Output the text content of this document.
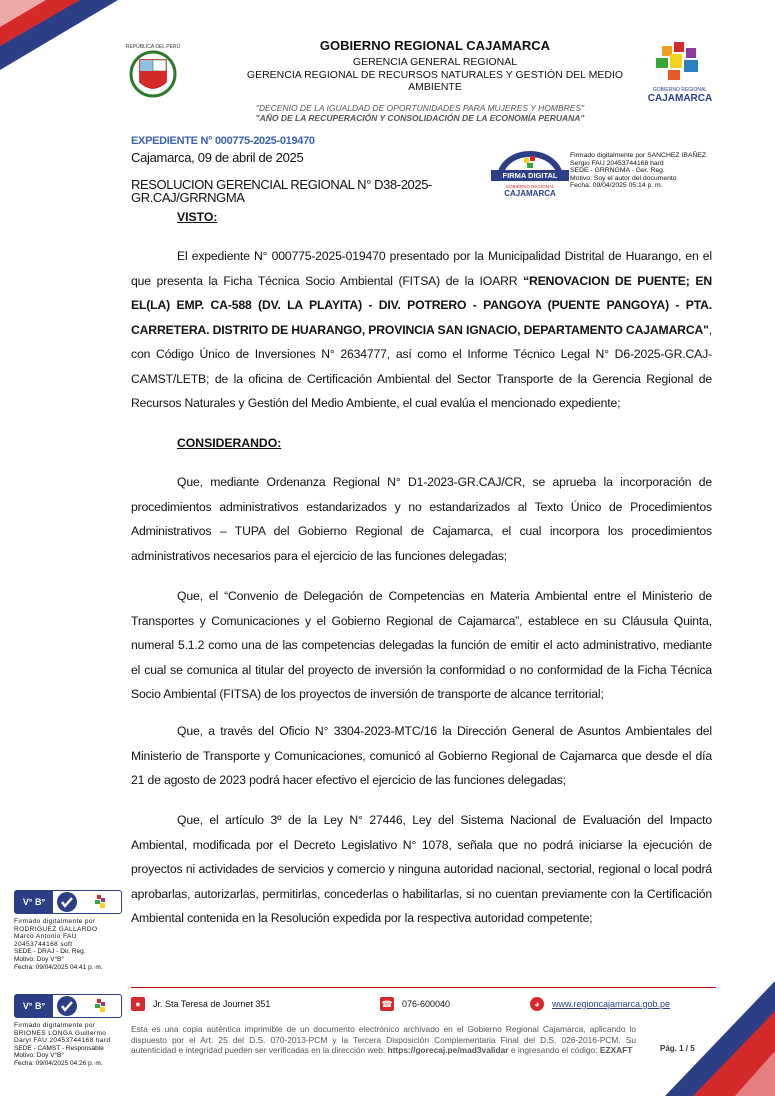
REPÚBLICA DEL PERÚ	GOBIERNO REGIONAL CAJAMARCA
GERENCIA GENERAL REGIONAL
GERENCIA REGIONAL DE RECURSOS NATURALES Y GESTIÓN DEL MEDIO AMBIENTE	GOBIERNO REGIONAL
CAJAMARCA
"DECENIO DE LA IGUALDAD DE OPORTUNIDADES PARA MUJERES Y HOMBRES"
"AÑO DE LA RECUPERACIÓN Y CONSOLIDACIÓN DE LA ECONOMÍA PERUANA"
EXPEDIENTE N° 000775-2025-019470
Cajamarca, 09 de abril de 2025
RESOLUCION GERENCIAL REGIONAL N° D38-2025-
GR.CAJ/GRRNGMA
FIRMA DIGITAL
GOBIERNO REGIONAL
CAJAMARCA
Firmado digitalmente por SANCHEZ IBAÑEZ
Sergio FAU 20453744168 hard
SEDE - GRRNGMA - Ger. Reg.
Motivo: Soy el autor del documento
Fecha: 09/04/2025 05:14 p. m.
VISTO:

El expediente N° 000775-2025-019470 presentado por la Municipalidad Distrital de Huarango, en el que presenta la Ficha Técnica Socio Ambiental (FITSA) de la IOARR “RENOVACION DE PUENTE; EN EL(LA) EMP. CA-588 (DV. LA PLAYITA) - DIV. POTRERO - PANGOYA (PUENTE PANGOYA) - PTA. CARRETERA. DISTRITO DE HUARANGO, PROVINCIA SAN IGNACIO, DEPARTAMENTO CAJAMARCA", con Código Único de Inversiones N° 2634777, así como el Informe Técnico Legal N° D6-2025-GR.CAJ-CAMST/LETB; de la oficina de Certificación Ambiental del Sector Transporte de la Gerencia Regional de Recursos Naturales y Gestión del Medio Ambiente, el cual evalúa el mencionado expediente;

CONSIDERANDO:

Que, mediante Ordenanza Regional N° D1-2023-GR.CAJ/CR, se aprueba la incorporación de procedimientos administrativos estandarizados y no estandarizados al Texto Único de Procedimientos Administrativos – TUPA del Gobierno Regional de Cajamarca, el cual incorpora los procedimientos administrativos necesarios para el ejercicio de las funciones delegadas;

Que, el “Convenio de Delegación de Competencias en Materia Ambiental entre el Ministerio de Transportes y Comunicaciones y el Gobierno Regional de Cajamarca”, establece en su Cláusula Quinta, numeral 5.1.2 como una de las competencias delegadas la función de emitir el acto administrativo, mediante el cual se comunica al titular del proyecto de inversión la conformidad o no conformidad de la Ficha Técnica Socio Ambiental (FITSA) de los proyectos de inversión de transporte de alcance territorial;

Que, a través del Oficio N° 3304-2023-MTC/16 la Dirección General de Asuntos Ambientales del Ministerio de Transporte y Comunicaciones, comunicó al Gobierno Regional de Cajamarca que desde el día 21 de agosto de 2023 podrá hacer efectivo el ejercicio de las funciones delegadas;

Que, el artículo 3º de la Ley N° 27446, Ley del Sistema Nacional de Evaluación del Impacto Ambiental, modificada por el Decreto Legislativo N° 1078, señala que no podrá iniciarse la ejecución de proyectos ni actividades de servicios y comercio y ninguna autoridad nacional, sectorial, regional o local podrá aprobarlas, autorizarlas, permitirlas, concederlas o habilitarlas, si no cuentan previamente con la Certificación Ambiental contenida en la Resolución expedida por la respectiva autoridad competente;

V° B°
Firmado digitalmente por
RODRIGUEZ GALLARDO
Marco Antonio FAU
20453744168 soft
SEDE - DRAJ - Dir. Reg.
Motivo: Doy V°B°
Fecha: 09/04/2025 04:41 p. m.
V° B°
Firmado digitalmente por
BRIONES LONGA Guillermo
Daryl FAU 20453744168 hard
SEDE - CAMST - Responsable
Motivo: Doy V°B°
Fecha: 09/04/2025 04:26 p. m.
●	Jr. Sta Teresa de Journet 351	☎ 076-600040	◕	www.regioncajamarca.gob.pe
Esta es una copia auténtica imprimible de un documento electrónico archivado en el Gobierno Regional Cajamarca, aplicando lo dispuesto por el Art. 25 del D.S. 070-2013-PCM y la Tercera Disposición Complementaria Final del D.S. 026-2016-PCM. Su autenticidad e integridad pueden ser verificadas en la dirección web: https://gorecaj.pe/mad3validar e ingresando el código: EZXAFT	Pág. 1 / 5
